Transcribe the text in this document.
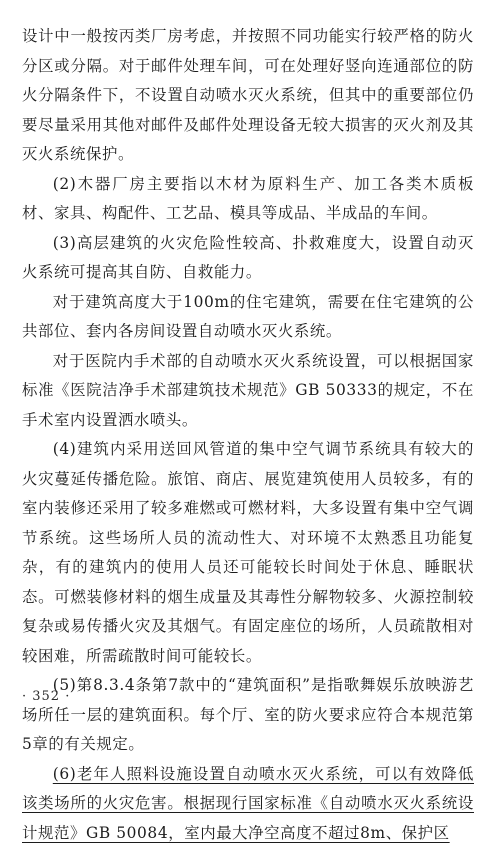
设计中一般按丙类厂房考虑，并按照不同功能实行较严格的防火分区或分隔。对于邮件处理车间，可在处理好竖向连通部位的防火分隔条件下，不设置自动喷水灭火系统，但其中的重要部位仍要尽量采用其他对邮件及邮件处理设备无较大损害的灭火剂及其灭火系统保护。

(2)木器厂房主要指以木材为原料生产、加工各类木质板材、家具、构配件、工艺品、模具等成品、半成品的车间。

(3)高层建筑的火灾危险性较高、扑救难度大，设置自动灭火系统可提高其自防、自救能力。

对于建筑高度大于100m的住宅建筑，需要在住宅建筑的公共部位、套内各房间设置自动喷水灭火系统。

对于医院内手术部的自动喷水灭火系统设置，可以根据国家标准《医院洁净手术部建筑技术规范》GB 50333的规定，不在手术室内设置洒水喷头。

(4)建筑内采用送回风管道的集中空气调节系统具有较大的火灾蔓延传播危险。旅馆、商店、展览建筑使用人员较多，有的室内装修还采用了较多难燃或可燃材料，大多设置有集中空气调节系统。这些场所人员的流动性大、对环境不太熟悉且功能复杂，有的建筑内的使用人员还可能较长时间处于休息、睡眠状态。可燃装修材料的烟生成量及其毒性分解物较多、火源控制较复杂或易传播火灾及其烟气。有固定座位的场所，人员疏散相对较困难，所需疏散时间可能较长。

(5)第8.3.4条第7款中的“建筑面积”是指歌舞娱乐放映游艺场所任一层的建筑面积。每个厅、室的防火要求应符合本规范第5章的有关规定。

(6)老年人照料设施设置自动喷水灭火系统，可以有效降低该类场所的火灾危害。根据现行国家标准《自动喷水灭火系统设计规范》GB 50084，室内最大净空高度不超过8m、保护区

· 352 ·
